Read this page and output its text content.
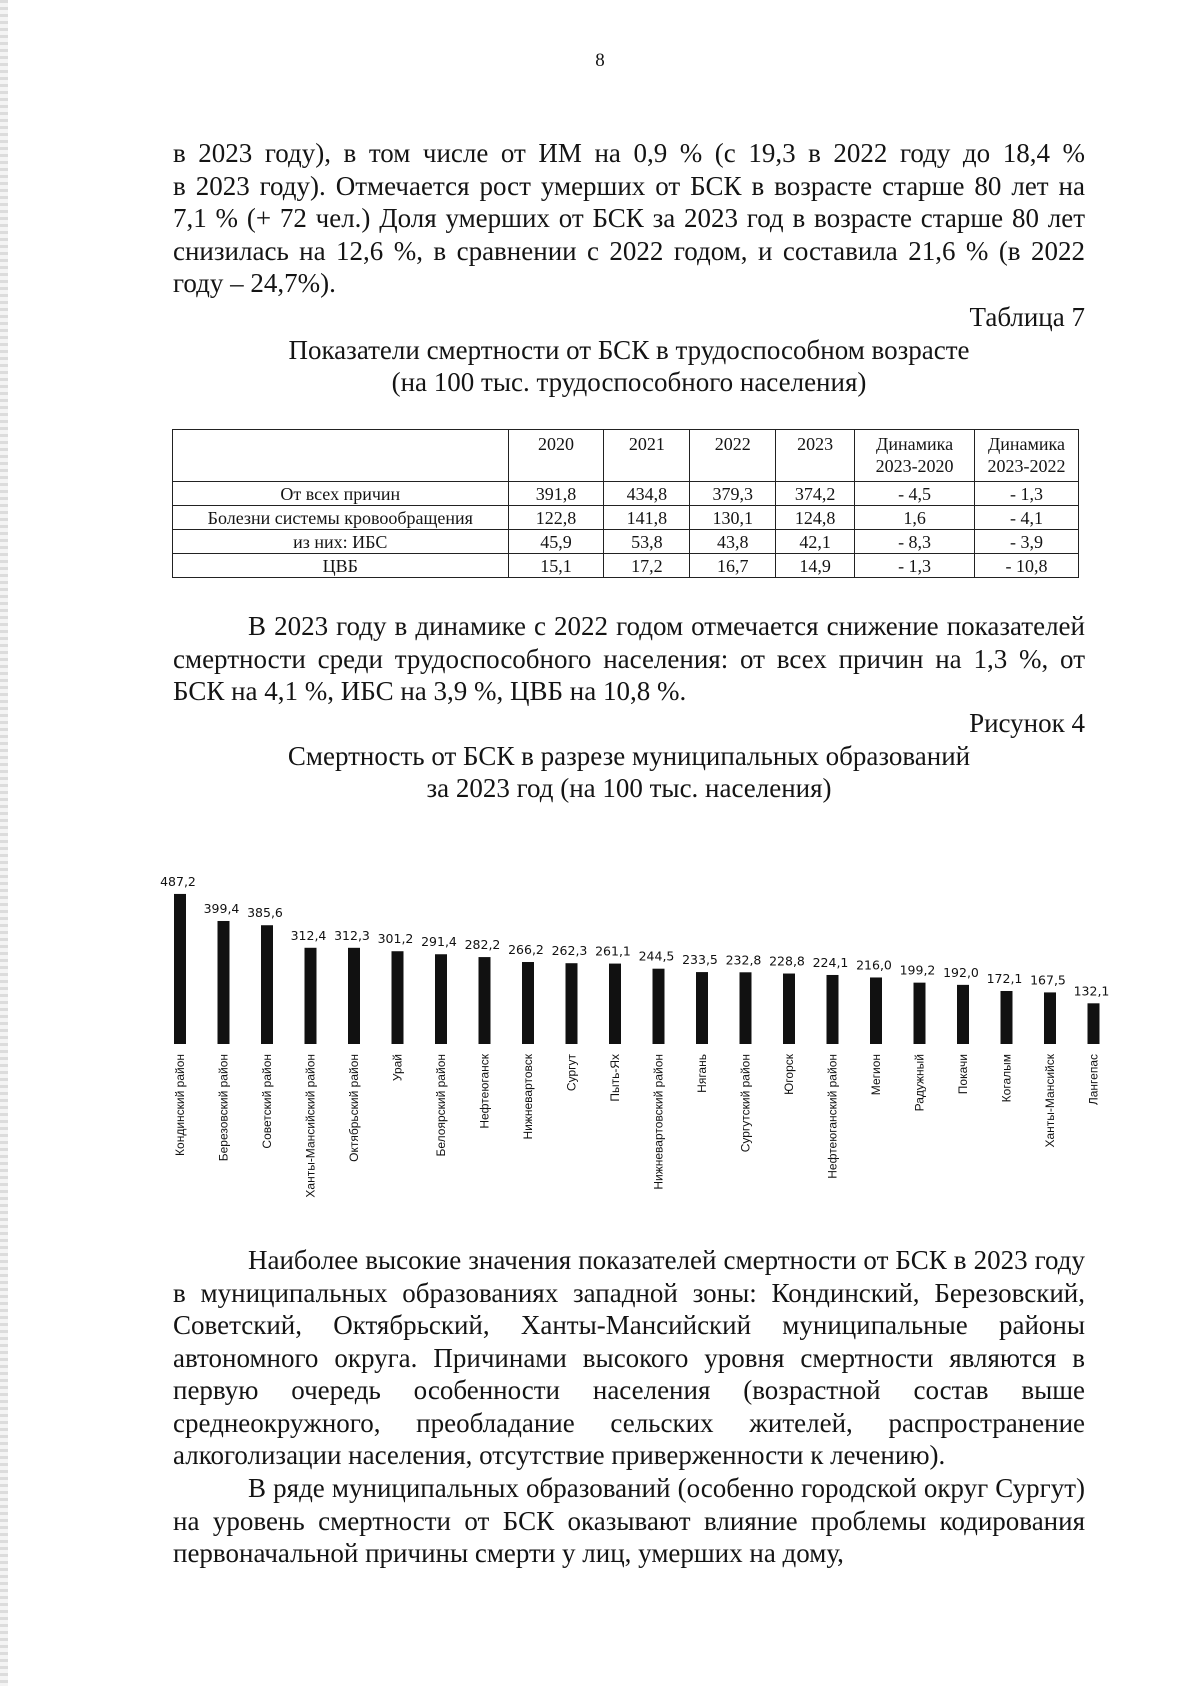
8
в 2023 году), в том числе от ИМ на 0,9 % (с 19,3 в 2022 году до 18,4 %
в 2023 году). Отмечается рост умерших от БСК в возрасте старше 80 лет на
7,1 % (+ 72 чел.) Доля умерших от БСК за 2023 год в возрасте старше 80 лет
снизилась на 12,6 %, в сравнении с 2022 годом, и составила 21,6 % (в 2022
году – 24,7%).
Таблица 7
Показатели смертности от БСК в трудоспособном возрасте
(на 100 тыс. трудоспособного населения)
	2020	2021	2022	2023	Динамика 2023-2020	Динамика 2023-2022
От всех причин	391,8	434,8	379,3	374,2	- 4,5	- 1,3
Болезни системы кровообращения	122,8	141,8	130,1	124,8	1,6	- 4,1
из них: ИБС	45,9	53,8	43,8	42,1	- 8,3	- 3,9
ЦВБ	15,1	17,2	16,7	14,9	- 1,3	- 10,8

В 2023 году в динамике с 2022 годом отмечается снижение показателей смертности среди трудоспособного населения: от всех причин на 1,3 %, от БСК на 4,1 %, ИБС на 3,9 %, ЦВБ на 10,8 %.

Рисунок 4
Смертность от БСК в разрезе муниципальных образований
за 2023 год (на 100 тыс. населения)
487,2
399,4 385,6
312,4 312,3 301,2 291,4 282,2 266,2 262,3 261,1 244,5 233,5 232,8 228,8 224,1 216,0 199,2 192,0 172,1 167,5
132,1
Кондинский район Березовский район Советский район Ханты-Мансийский район Октябрьский район Урай Белоярский район Нефтеюганск Нижневартовск Сургут Пыть-Ях Нижневартовский район Нягань Сургутский район Югорск Нефтеюганский район Мегион Радужный Покачи Когалым Ханты-Мансийск Лангепас

Наиболее высокие значения показателей смертности от БСК в 2023 году в муниципальных образованиях западной зоны: Кондинский, Березовский, Советский, Октябрьский, Ханты-Мансийский муниципальные районы автономного округа. Причинами высокого уровня смертности являются в первую очередь особенности населения (возрастной состав выше среднеокружного, преобладание сельских жителей, распространение алкоголизации населения, отсутствие приверженности к лечению).

В ряде муниципальных образований (особенно городской округ Сургут) на уровень смертности от БСК оказывают влияние проблемы кодирования первоначальной причины смерти у лиц, умерших на дому,
